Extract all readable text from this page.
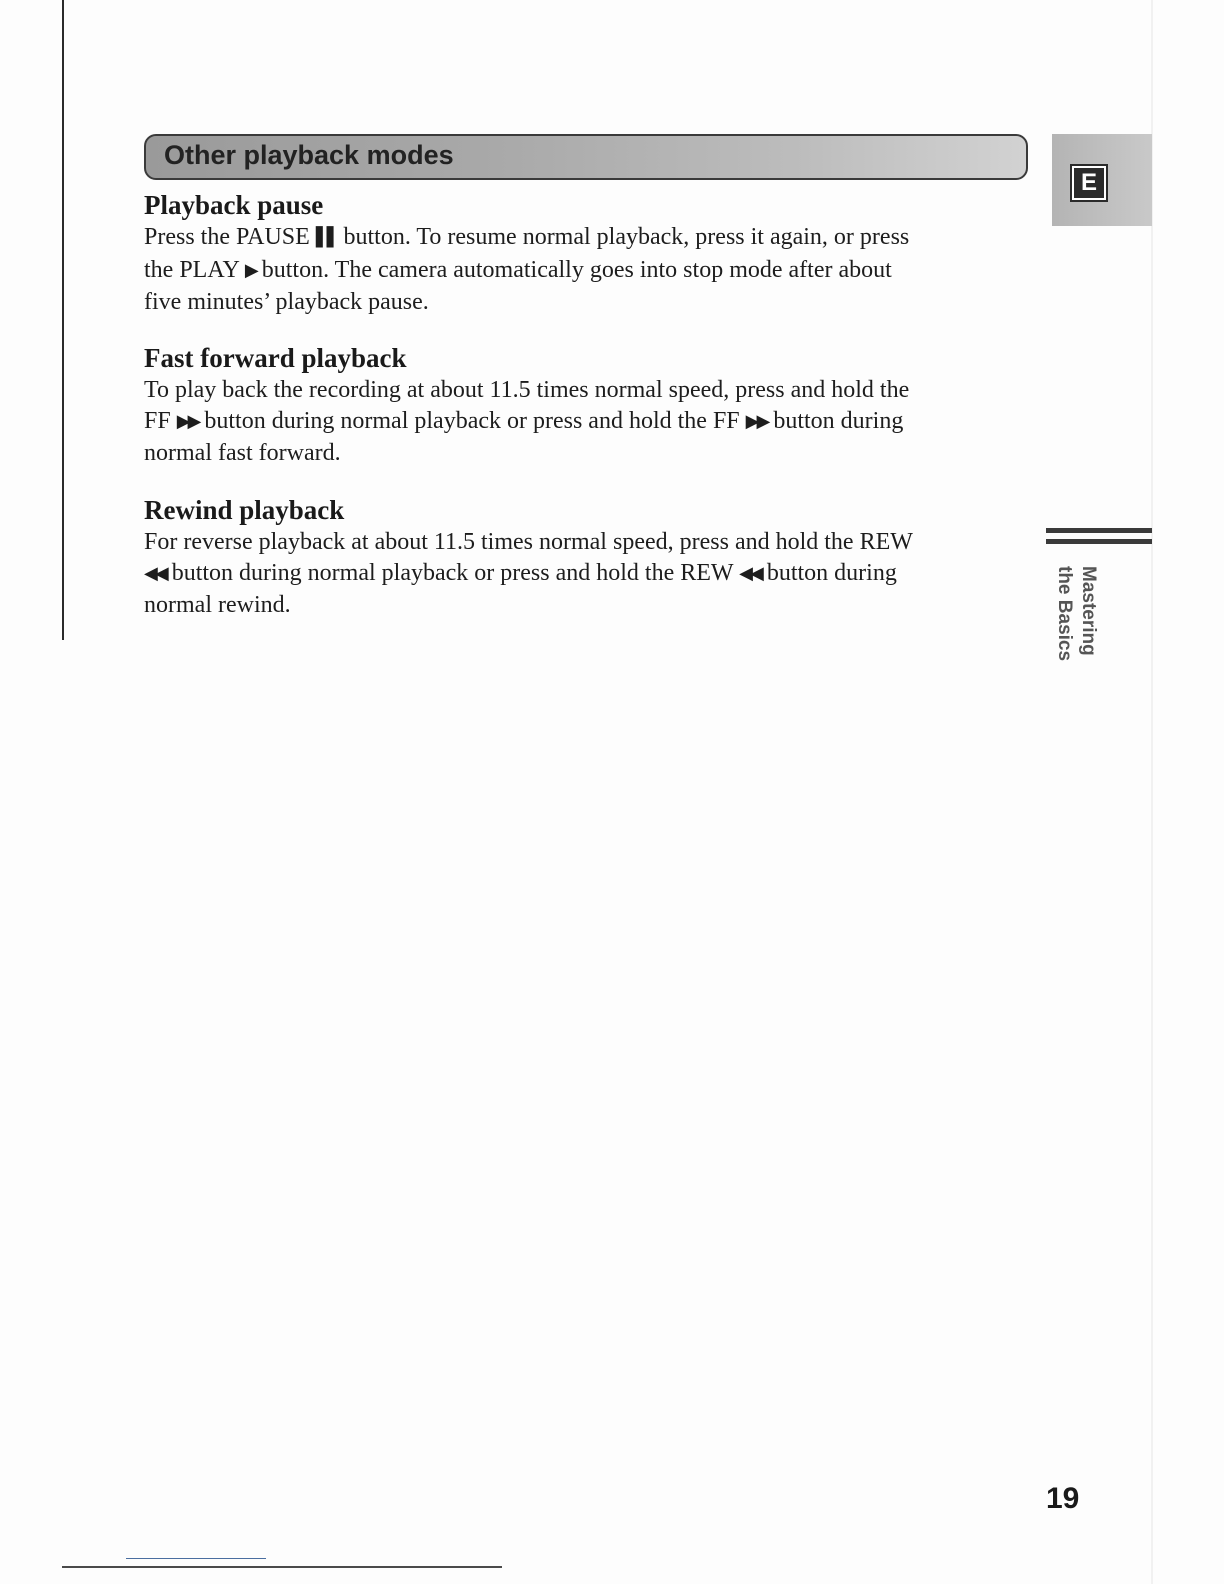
Other playback modes
E
Playback pause

Press the PAUSE ▌▌ button. To resume normal playback, press it again, or press
the PLAY ▶ button. The camera automatically goes into stop mode after about
five minutes’ playback pause.

Fast forward playback

To play back the recording at about 11.5 times normal speed, press and hold the
FF ▶▶ button during normal playback or press and hold the FF ▶▶ button during
normal fast forward.

Rewind playback

For reverse playback at about 11.5 times normal speed, press and hold the REW
◀◀ button during normal playback or press and hold the REW ◀◀ button during
normal rewind.	Mastering
the Basics
19
